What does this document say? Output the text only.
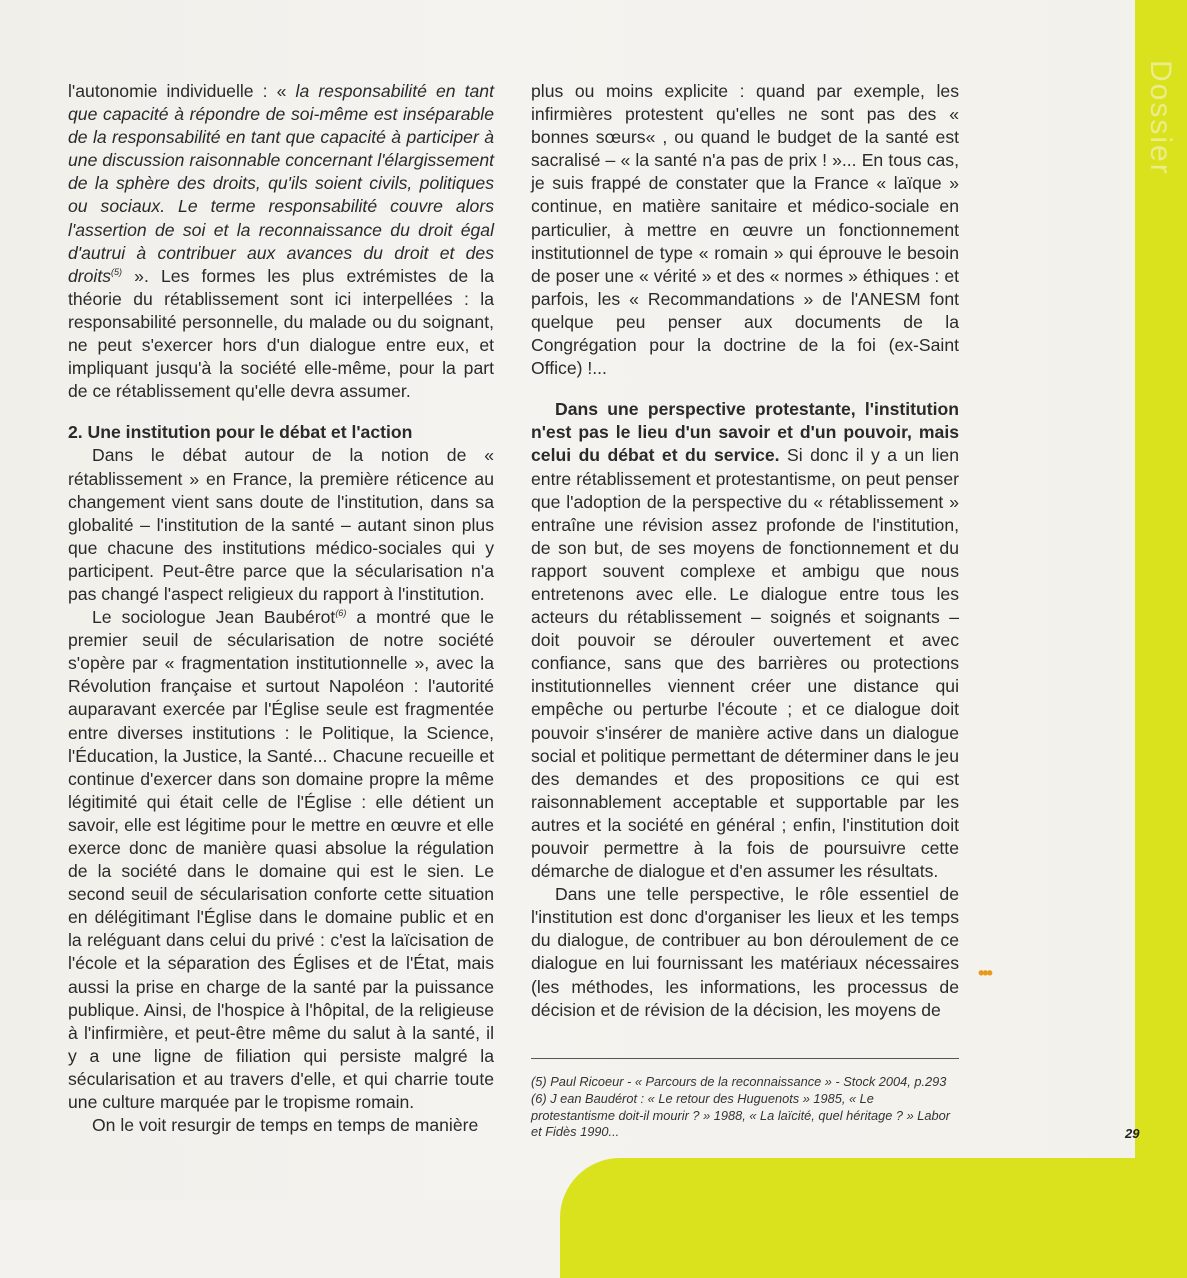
Dossier

l'autonomie individuelle : « la responsabilité en tant que capacité à répondre de soi-même est inséparable de la responsabilité en tant que capacité à participer à une discussion raisonnable concernant l'élargissement de la sphère des droits, qu'ils soient civils, politiques ou sociaux. Le terme responsabilité couvre alors l'assertion de soi et la reconnaissance du droit égal d'autrui à contribuer aux avances du droit et des droits$^{(5)}$ ». Les formes les plus extrémistes de la théorie du rétablissement sont ici interpellées : la responsabilité personnelle, du malade ou du soignant, ne peut s'exercer hors d'un dialogue entre eux, et impliquant jusqu'à la société elle-même, pour la part de ce rétablissement qu'elle devra assumer.

2. Une institution pour le débat et l'action

Dans le débat autour de la notion de « rétablissement » en France, la première réticence au changement vient sans doute de l'institution, dans sa globalité – l'institution de la santé – autant sinon plus que chacune des institutions médico-sociales qui y participent. Peut-être parce que la sécularisation n'a pas changé l'aspect religieux du rapport à l'institution.

Le sociologue Jean Baubérot$^{(6)}$ a montré que le premier seuil de sécularisation de notre société s'opère par « fragmentation institutionnelle », avec la Révolution française et surtout Napoléon : l'autorité auparavant exercée par l'Église seule est fragmentée entre diverses institutions : le Politique, la Science, l'Éducation, la Justice, la Santé... Chacune recueille et continue d'exercer dans son domaine propre la même légitimité qui était celle de l'Église : elle détient un savoir, elle est légitime pour le mettre en œuvre et elle exerce donc de manière quasi absolue la régulation de la société dans le domaine qui est le sien. Le second seuil de sécularisation conforte cette situation en délégitimant l'Église dans le domaine public et en la reléguant dans celui du privé : c'est la laïcisation de l'école et la séparation des Églises et de l'État, mais aussi la prise en charge de la santé par la puissance publique. Ainsi, de l'hospice à l'hôpital, de la religieuse à l'infirmière, et peut-être même du salut à la santé, il y a une ligne de filiation qui persiste malgré la sécularisation et au travers d'elle, et qui charrie toute une culture marquée par le tropisme romain.

On le voit resurgir de temps en temps de manière

plus ou moins explicite : quand par exemple, les infirmières protestent qu'elles ne sont pas des « bonnes sœurs« , ou quand le budget de la santé est sacralisé – « la santé n'a pas de prix ! »... En tous cas, je suis frappé de constater que la France « laïque » continue, en matière sanitaire et médico-sociale en particulier, à mettre en œuvre un fonctionnement institutionnel de type « romain » qui éprouve le besoin de poser une « vérité » et des « normes » éthiques : et parfois, les « Recommandations » de l'ANESM font quelque peu penser aux documents de la Congrégation pour la doctrine de la foi (ex-Saint Office) !...

Dans une perspective protestante, l'institution n'est pas le lieu d'un savoir et d'un pouvoir, mais celui du débat et du service. Si donc il y a un lien entre rétablissement et protestantisme, on peut penser que l'adoption de la perspective du « rétablissement » entraîne une révision assez profonde de l'institution, de son but, de ses moyens de fonctionnement et du rapport souvent complexe et ambigu que nous entretenons avec elle. Le dialogue entre tous les acteurs du rétablissement – soignés et soignants – doit pouvoir se dérouler ouvertement et avec confiance, sans que des barrières ou protections institutionnelles viennent créer une distance qui empêche ou perturbe l'écoute ; et ce dialogue doit pouvoir s'insérer de manière active dans un dialogue social et politique permettant de déterminer dans le jeu des demandes et des propositions ce qui est raisonnablement acceptable et supportable par les autres et la société en général ; enfin, l'institution doit pouvoir permettre à la fois de poursuivre cette démarche de dialogue et d'en assumer les résultats.

Dans une telle perspective, le rôle essentiel de l'institution est donc d'organiser les lieux et les temps du dialogue, de contribuer au bon déroulement de ce dialogue en lui fournissant les matériaux nécessaires (les méthodes, les informations, les processus de décision et de révision de la décision, les moyens de

•••

(5) Paul Ricoeur - « Parcours de la reconnaissance » - Stock 2004, p.293

(6) J ean Baudérot : « Le retour des Huguenots » 1985, « Le protestantisme doit-il mourir ? » 1988, « La laïcité, quel héritage ? » Labor et Fidès 1990...	29
